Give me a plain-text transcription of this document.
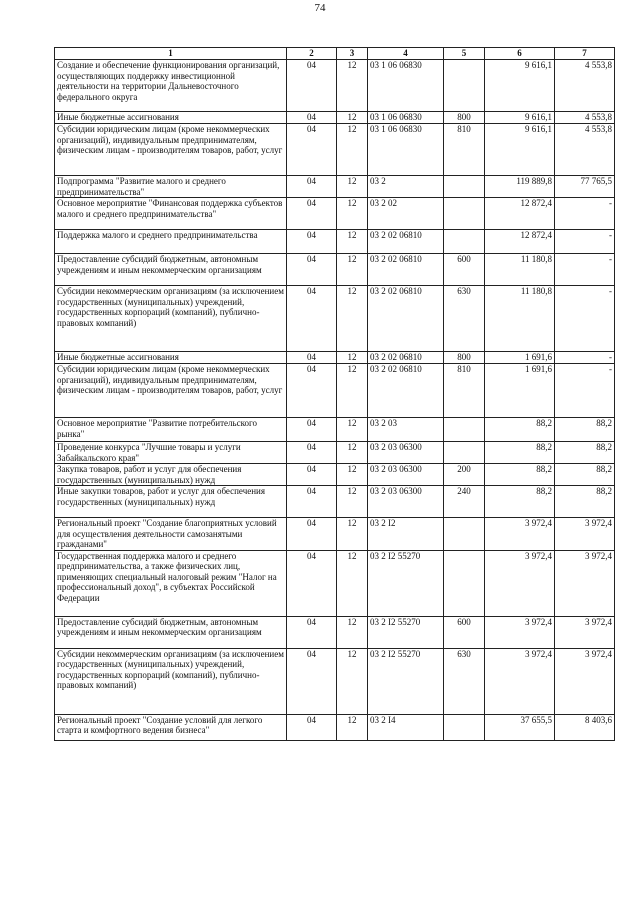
74
1	2	3	4	5	6	7
Создание и обеспечение функционирования организаций, осуществляющих поддержку инвестиционной деятельности на территории Дальневосточного федерального округа	04	12	03 1 06 06830		9 616,1	4 553,8
Иные бюджетные ассигнования	04	12	03 1 06 06830	800	9 616,1	4 553,8
Субсидии юридическим лицам (кроме некоммерческих организаций), индивидуальным предпринимателям, физическим лицам - производителям товаров, работ, услуг	04	12	03 1 06 06830	810	9 616,1	4 553,8
Подпрограмма "Развитие малого и среднего предпринимательства"	04	12	03 2		119 889,8	77 765,5
Основное мероприятие "Финансовая поддержка субъектов малого и среднего предпринимательства"	04	12	03 2 02		12 872,4	-
Поддержка малого и среднего предпринимательства	04	12	03 2 02 06810		12 872,4	-
Предоставление субсидий бюджетным, автономным учреждениям и иным некоммерческим организациям	04	12	03 2 02 06810	600	11 180,8	-
Субсидии некоммерческим организациям (за исключением государственных (муниципальных) учреждений, государственных корпораций (компаний), публично-правовых компаний)	04	12	03 2 02 06810	630	11 180,8	-
Иные бюджетные ассигнования	04	12	03 2 02 06810	800	1 691,6	-
Субсидии юридическим лицам (кроме некоммерческих организаций), индивидуальным предпринимателям, физическим лицам - производителям товаров, работ, услуг	04	12	03 2 02 06810	810	1 691,6	-
Основное мероприятие "Развитие потребительского рынка"	04	12	03 2 03		88,2	88,2
Проведение конкурса "Лучшие товары и услуги Забайкальского края"	04	12	03 2 03 06300		88,2	88,2
Закупка товаров, работ и услуг для обеспечения государственных (муниципальных) нужд	04	12	03 2 03 06300	200	88,2	88,2
Иные закупки товаров, работ и услуг для обеспечения государственных (муниципальных) нужд	04	12	03 2 03 06300	240	88,2	88,2
Региональный проект "Создание благоприятных условий для осуществления деятельности самозанятыми гражданами"	04	12	03 2 I2		3 972,4	3 972,4
Государственная поддержка малого и среднего предпринимательства, а также физических лиц, применяющих специальный налоговый режим "Налог на профессиональный доход", в субъектах Российской Федерации	04	12	03 2 I2 55270		3 972,4	3 972,4
Предоставление субсидий бюджетным, автономным учреждениям и иным некоммерческим организациям	04	12	03 2 I2 55270	600	3 972,4	3 972,4
Субсидии некоммерческим организациям (за исключением государственных (муниципальных) учреждений, государственных корпораций (компаний), публично-правовых компаний)	04	12	03 2 I2 55270	630	3 972,4	3 972,4
Региональный проект "Создание условий для легкого старта и комфортного ведения бизнеса"	04	12	03 2 I4		37 655,5	8 403,6
